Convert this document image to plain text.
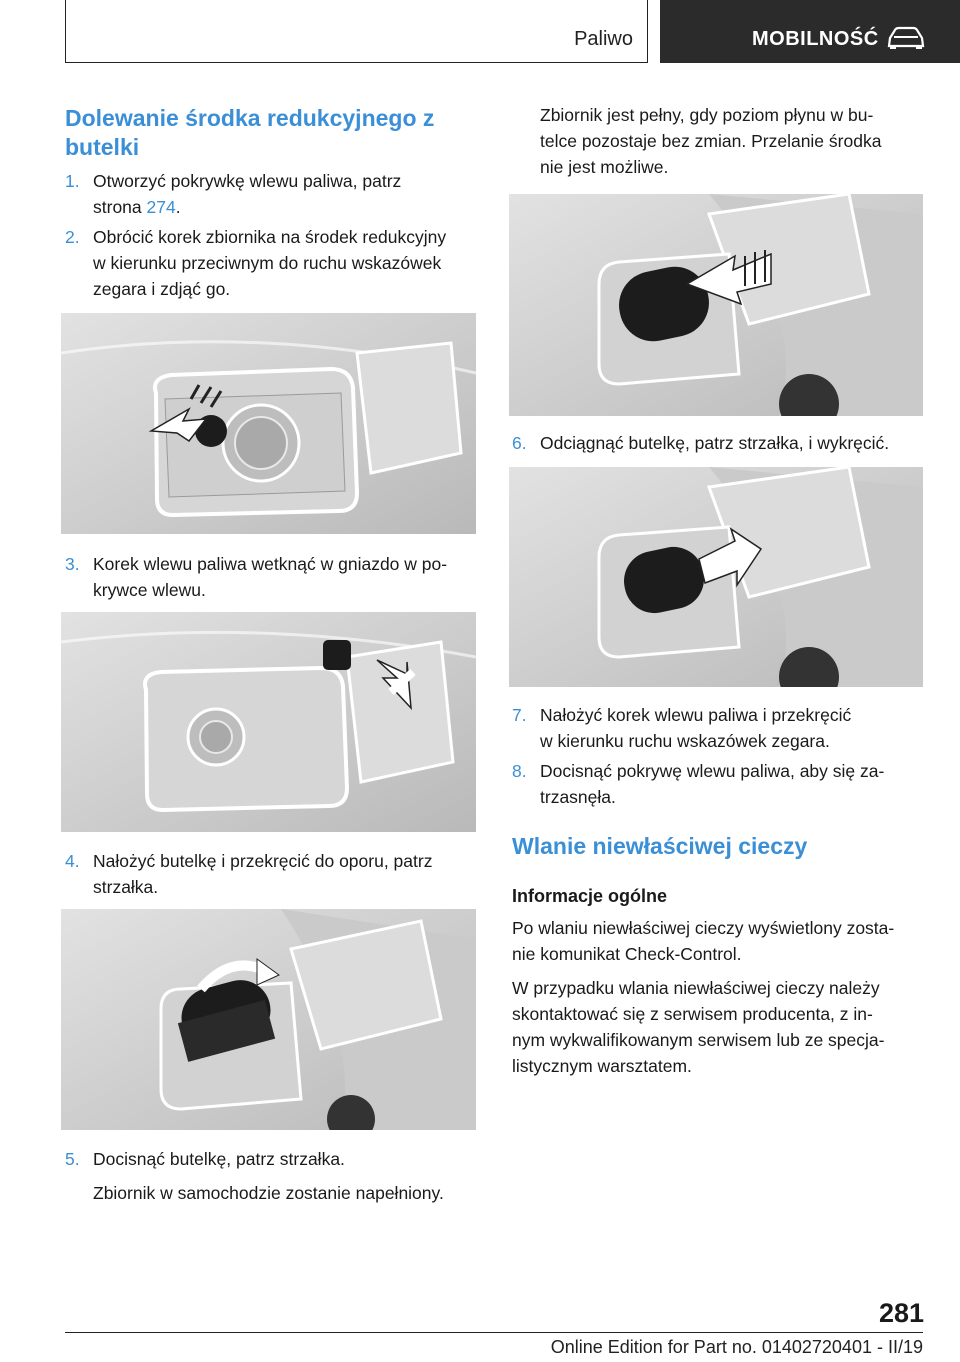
Paliwo	MOBILNOŚĆ
Dolewanie środka redukcyjnego z
butelki
1. Otworzyć pokrywkę wlewu paliwa, patrz
strona 274.
2. Obrócić korek zbiornika na środek redukcyjny
w kierunku przeciwnym do ruchu wskazówek
zegara i zdjąć go.
3. Korek wlewu paliwa wetknąć w gniazdo w po-
krywce wlewu.
4. Nałożyć butelkę i przekręcić do oporu, patrz
strzałka.
5. Docisnąć butelkę, patrz strzałka.
Zbiornik w samochodzie zostanie napełniony.
Zbiornik jest pełny, gdy poziom płynu w bu-
telce pozostaje bez zmian. Przelanie środka
nie jest możliwe.
6. Odciągnąć butelkę, patrz strzałka, i wykręcić.
7. Nałożyć korek wlewu paliwa i przekręcić
w kierunku ruchu wskazówek zegara.
8. Docisnąć pokrywę wlewu paliwa, aby się za-
trzasnęła.
Wlanie niewłaściwej cieczy
Informacje ogólne
Po wlaniu niewłaściwej cieczy wyświetlony zosta-
nie komunikat Check-Control.
W przypadku wlania niewłaściwej cieczy należy
skontaktować się z serwisem producenta, z in-
nym wykwalifikowanym serwisem lub ze specja-
listycznym warsztatem.
281
Online Edition for Part no. 01402720401 - II/19
